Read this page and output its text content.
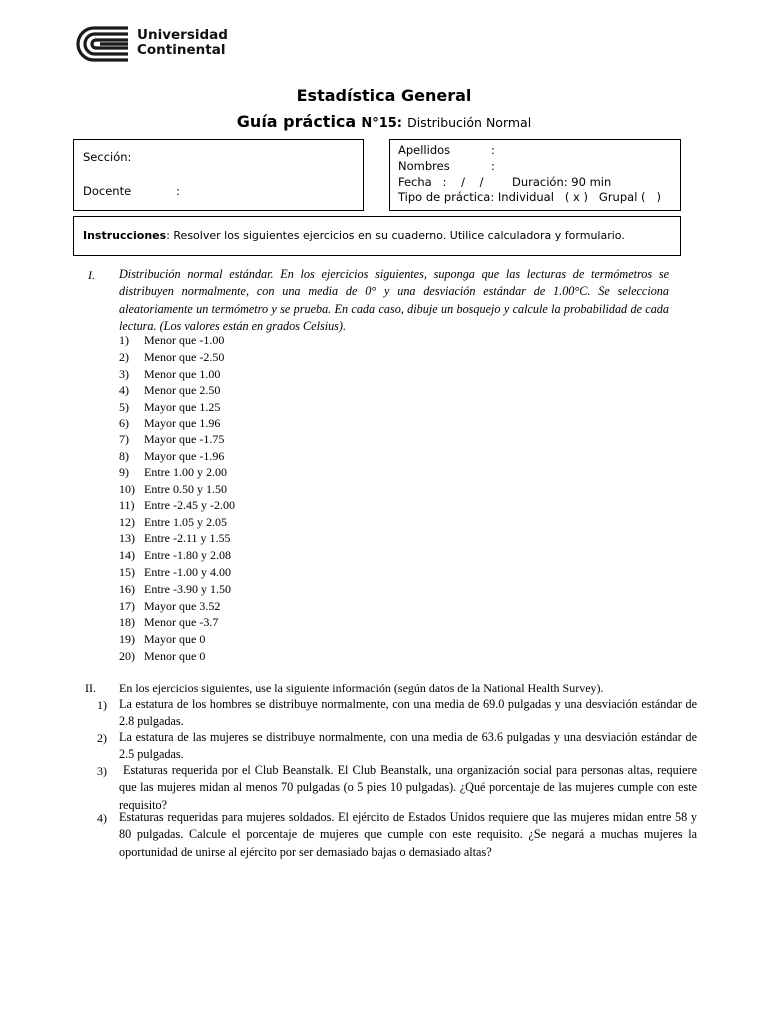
Universidad
Continental
Estadística General
Guía práctica N°15: Distribución Normal
Sección:
Docente	:
Apellidos	:
Nombres	:
Fecha   :    /    / Duración: 90 min
Tipo de práctica: Individual   ( x )   Grupal (   )
Instrucciones: Resolver los siguientes ejercicios en su cuaderno. Utilice calculadora y formulario.
I. Distribución normal estándar. En los ejercicios siguientes, suponga que las lecturas de termómetros se distribuyen normalmente, con una media de 0° y una desviación estándar de 1.00°C. Se selecciona aleatoriamente un termómetro y se prueba. En cada caso, dibuje un bosquejo y calcule la probabilidad de cada lectura. (Los valores están en grados Celsius).
1) Menor que -1.00
2) Menor que -2.50
3) Menor que 1.00
4) Menor que 2.50
5) Mayor que 1.25
6) Mayor que 1.96
7) Mayor que -1.75
8) Mayor que -1.96
9) Entre 1.00 y 2.00
10) Entre 0.50 y 1.50
11) Entre -2.45 y -2.00
12) Entre 1.05 y 2.05
13) Entre -2.11 y 1.55
14) Entre -1.80 y 2.08
15) Entre -1.00 y 4.00
16) Entre -3.90 y 1.50
17) Mayor que 3.52
18) Menor que -3.7
19) Mayor que 0
20) Menor que 0
II. En los ejercicios siguientes, use la siguiente información (según datos de la National Health Survey).
1) La estatura de los hombres se distribuye normalmente, con una media de 69.0 pulgadas y una desviación estándar de 2.8 pulgadas.
2) La estatura de las mujeres se distribuye normalmente, con una media de 63.6 pulgadas y una desviación estándar de 2.5 pulgadas.
3) Estaturas requerida por el Club Beanstalk. El Club Beanstalk, una organización social para personas altas, requiere que las mujeres midan al menos 70 pulgadas (o 5 pies 10 pulgadas). ¿Qué porcentaje de las mujeres cumple con este requisito?
4) Estaturas requeridas para mujeres soldados. El ejército de Estados Unidos requiere que las mujeres midan entre 58 y 80 pulgadas. Calcule el porcentaje de mujeres que cumple con este requisito. ¿Se negará a muchas mujeres la oportunidad de unirse al ejército por ser demasiado bajas o demasiado altas?
